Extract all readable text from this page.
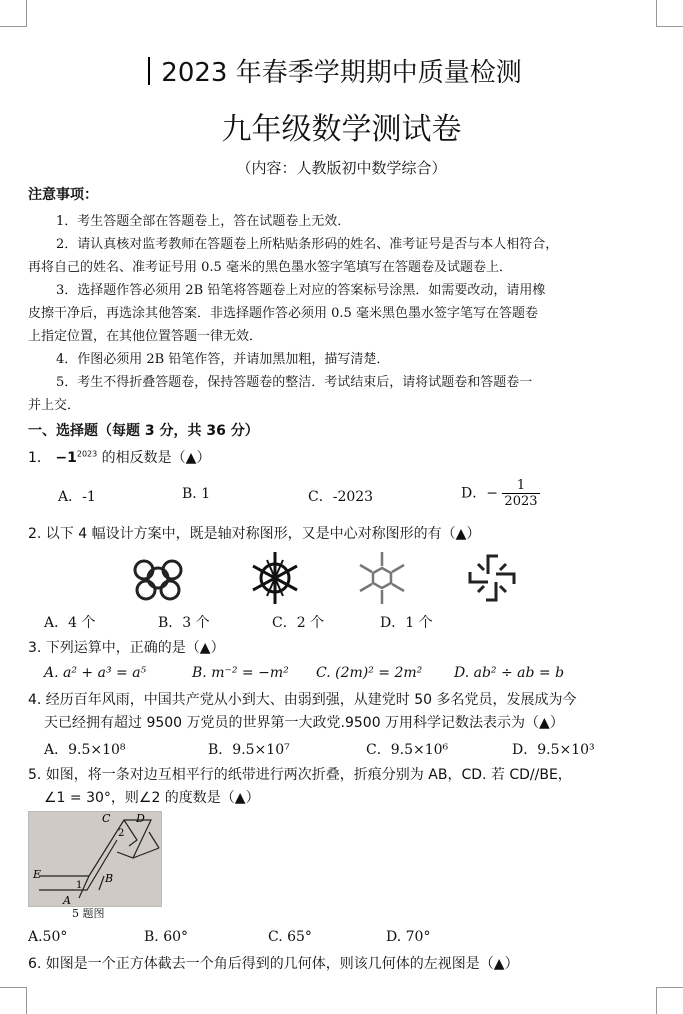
2023 年春季学期期中质量检测
九年级数学测试卷
（内容：人教版初中数学综合）
注意事项：
1．考生答题全部在答题卷上，答在试题卷上无效．
2．请认真核对监考教师在答题卷上所粘贴条形码的姓名、准考证号是否与本人相符合，
再将自己的姓名、准考证号用 0.5 毫米的黑色墨水签字笔填写在答题卷及试题卷上．
3．选择题作答必须用 2B 铅笔将答题卷上对应的答案标号涂黑．如需要改动，请用橡
皮擦干净后，再选涂其他答案．非选择题作答必须用 0.5 毫米黑色墨水签字笔写在答题卷
上指定位置，在其他位置答题一律无效．
4．作图必须用 2B 铅笔作答，并请加黑加粗，描写清楚．
5．考生不得折叠答题卷，保持答题卷的整洁．考试结束后，请将试题卷和答题卷一
并上交．
一、选择题（每题 3 分，共 36 分）
1． $-1^{2023}$ 的相反数是（▲）
A．-1	B. 1	C．-2023	D．− $\frac{1}{2023}$
2. 以下 4 幅设计方案中，既是轴对称图形，又是中心对称图形的有（▲）
A．4 个	B．3 个	C．2 个	D．1 个
3. 下列运算中，正确的是（▲）
A. a² + a³ = a⁵	B. m⁻² = −m² C. (2m)² = 2m² D. ab² ÷ ab = b
4. 经历百年风雨，中国共产党从小到大、由弱到强，从建党时 50 多名党员，发展成为今
天已经拥有超过 9500 万党员的世界第一大政党.9500 万用科学记数法表示为（▲）
A．9.5×10⁸	B．9.5×10⁷	C．9.5×10⁶	D．9.5×10³
5. 如图，将一条对边互相平行的纸带进行两次折叠，折痕分别为 AB，CD. 若 CD//BE，
∠1 = 30°，则∠2 的度数是（▲）
C D
2
E
1
B
A
5 题图
A.50°	B. 60°	C. 65°	D. 70°
6. 如图是一个正方体截去一个角后得到的几何体，则该几何体的左视图是（▲）
